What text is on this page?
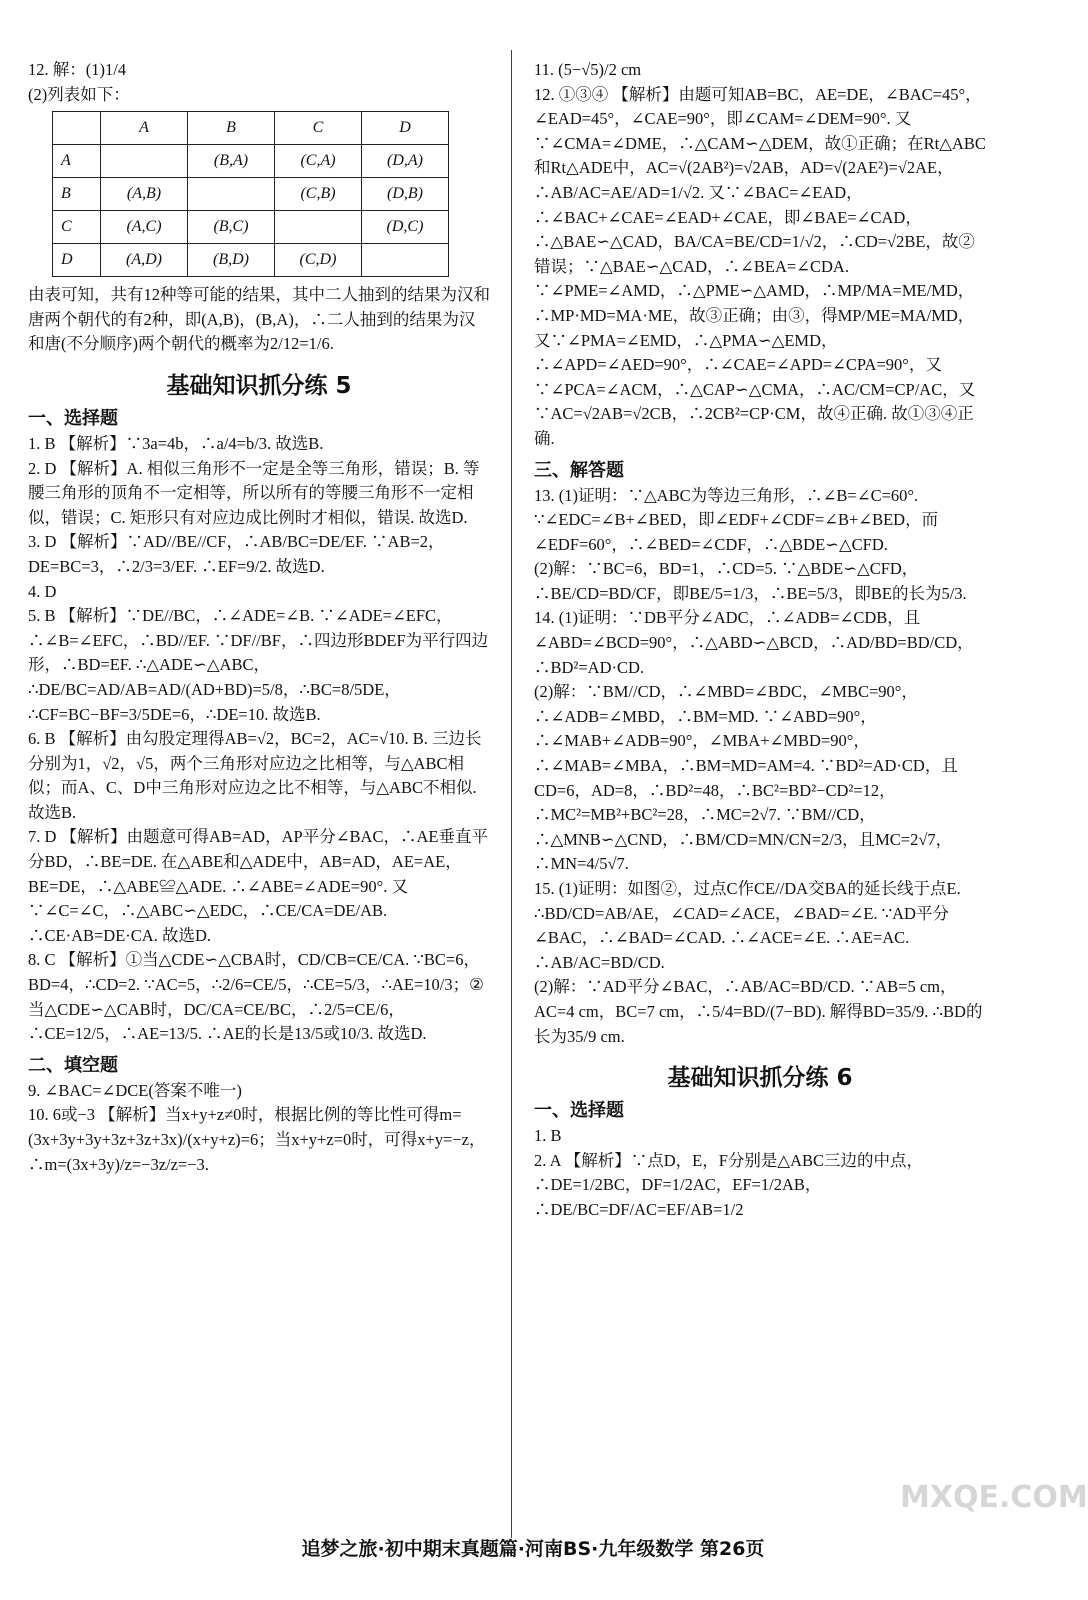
12. 解：(1)1/4

(2)列表如下：

	A	B	C	D
A		(B,A)	(C,A)	(D,A)
B	(A,B)		(C,B)	(D,B)
C	(A,C)	(B,C)		(D,C)
D	(A,D)	(B,D)	(C,D)	

由表可知，共有12种等可能的结果，其中二人抽到的结果为汉和唐两个朝代的有2种，即(A,B)，(B,A)，∴二人抽到的结果为汉和唐(不分顺序)两个朝代的概率为2/12=1/6.

基础知识抓分练 5
一、选择题

1. B 【解析】∵3a=4b，∴a/4=b/3. 故选B.

2. D 【解析】A. 相似三角形不一定是全等三角形，错误；B. 等腰三角形的顶角不一定相等，所以所有的等腰三角形不一定相似，错误；C. 矩形只有对应边成比例时才相似，错误. 故选D.

3. D 【解析】∵AD//BE//CF，∴AB/BC=DE/EF. ∵AB=2，DE=BC=3，∴2/3=3/EF. ∴EF=9/2. 故选D.

4. D

5. B 【解析】∵DE//BC，∴∠ADE=∠B. ∵∠ADE=∠EFC，∴∠B=∠EFC，∴BD//EF. ∵DF//BF，∴四边形BDEF为平行四边形，∴BD=EF. ∴△ADE∽△ABC，∴DE/BC=AD/AB=AD/(AD+BD)=5/8，∴BC=8/5DE，∴CF=BC−BF=3/5DE=6，∴DE=10. 故选B.

6. B 【解析】由勾股定理得AB=√2，BC=2，AC=√10. B. 三边长分别为1，√2，√5，两个三角形对应边之比相等，与△ABC相似；而A、C、D中三角形对应边之比不相等，与△ABC不相似. 故选B.

7. D 【解析】由题意可得AB=AD，AP平分∠BAC，∴AE垂直平分BD，∴BE=DE. 在△ABE和△ADE中，AB=AD，AE=AE，BE=DE，∴△ABE≌△ADE. ∴∠ABE=∠ADE=90°. 又∵∠C=∠C，∴△ABC∽△EDC，∴CE/CA=DE/AB. ∴CE·AB=DE·CA. 故选D.

8. C 【解析】①当△CDE∽△CBA时，CD/CB=CE/CA. ∵BC=6，BD=4，∴CD=2. ∵AC=5，∴2/6=CE/5，∴CE=5/3，∴AE=10/3；②当△CDE∽△CAB时，DC/CA=CE/BC，∴2/5=CE/6，∴CE=12/5，∴AE=13/5. ∴AE的长是13/5或10/3. 故选D.

二、填空题

9. ∠BAC=∠DCE(答案不唯一)

10. 6或−3 【解析】当x+y+z≠0时，根据比例的等比性可得m=(3x+3y+3y+3z+3z+3x)/(x+y+z)=6；当x+y+z=0时，可得x+y=−z，∴m=(3x+3y)/z=−3z/z=−3.

11. (5−√5)/2 cm

12. ①③④ 【解析】由题可知AB=BC，AE=DE，∠BAC=45°，∠EAD=45°，∠CAE=90°，即∠CAM=∠DEM=90°. 又∵∠CMA=∠DME，∴△CAM∽△DEM，故①正确；在Rt△ABC和Rt△ADE中，AC=√(2AB²)=√2AB，AD=√(2AE²)=√2AE，∴AB/AC=AE/AD=1/√2. 又∵∠BAC=∠EAD，∴∠BAC+∠CAE=∠EAD+∠CAE，即∠BAE=∠CAD，∴△BAE∽△CAD，BA/CA=BE/CD=1/√2，∴CD=√2BE，故②错误；∵△BAE∽△CAD，∴∠BEA=∠CDA. ∵∠PME=∠AMD，∴△PME∽△AMD，∴MP/MA=ME/MD，∴MP·MD=MA·ME，故③正确；由③，得MP/ME=MA/MD，又∵∠PMA=∠EMD，∴△PMA∽△EMD，∴∠APD=∠AED=90°，∴∠CAE=∠APD=∠CPA=90°，又∵∠PCA=∠ACM，∴△CAP∽△CMA，∴AC/CM=CP/AC，又∵AC=√2AB=√2CB，∴2CB²=CP·CM，故④正确. 故①③④正确.

三、解答题

13. (1)证明：∵△ABC为等边三角形，∴∠B=∠C=60°. ∵∠EDC=∠B+∠BED，即∠EDF+∠CDF=∠B+∠BED，而∠EDF=60°，∴∠BED=∠CDF，∴△BDE∽△CFD.

(2)解：∵BC=6，BD=1，∴CD=5. ∵△BDE∽△CFD，∴BE/CD=BD/CF，即BE/5=1/3，∴BE=5/3，即BE的长为5/3.

14. (1)证明：∵DB平分∠ADC，∴∠ADB=∠CDB，且∠ABD=∠BCD=90°，∴△ABD∽△BCD，∴AD/BD=BD/CD，∴BD²=AD·CD.

(2)解：∵BM//CD，∴∠MBD=∠BDC，∠MBC=90°，∴∠ADB=∠MBD，∴BM=MD. ∵∠ABD=90°，∴∠MAB+∠ADB=90°，∠MBA+∠MBD=90°，∴∠MAB=∠MBA，∴BM=MD=AM=4. ∵BD²=AD·CD，且CD=6，AD=8，∴BD²=48，∴BC²=BD²−CD²=12，∴MC²=MB²+BC²=28，∴MC=2√7. ∵BM//CD，∴△MNB∽△CND，∴BM/CD=MN/CN=2/3，且MC=2√7，∴MN=4/5√7.

15. (1)证明：如图②，过点C作CE//DA交BA的延长线于点E. ∴BD/CD=AB/AE，∠CAD=∠ACE，∠BAD=∠E. ∵AD平分∠BAC，∴∠BAD=∠CAD. ∴∠ACE=∠E. ∴AE=AC. ∴AB/AC=BD/CD.

(2)解：∵AD平分∠BAC，∴AB/AC=BD/CD. ∵AB=5 cm，AC=4 cm，BC=7 cm，∴5/4=BD/(7−BD). 解得BD=35/9. ∴BD的长为35/9 cm.

基础知识抓分练 6
一、选择题

1. B

2. A 【解析】∵点D，E，F分别是△ABC三边的中点，∴DE=1/2BC，DF=1/2AC，EF=1/2AB，∴DE/BC=DF/AC=EF/AB=1/2

追梦之旅·初中期末真题篇·河南BS·九年级数学 第26页
MXQE.COM
